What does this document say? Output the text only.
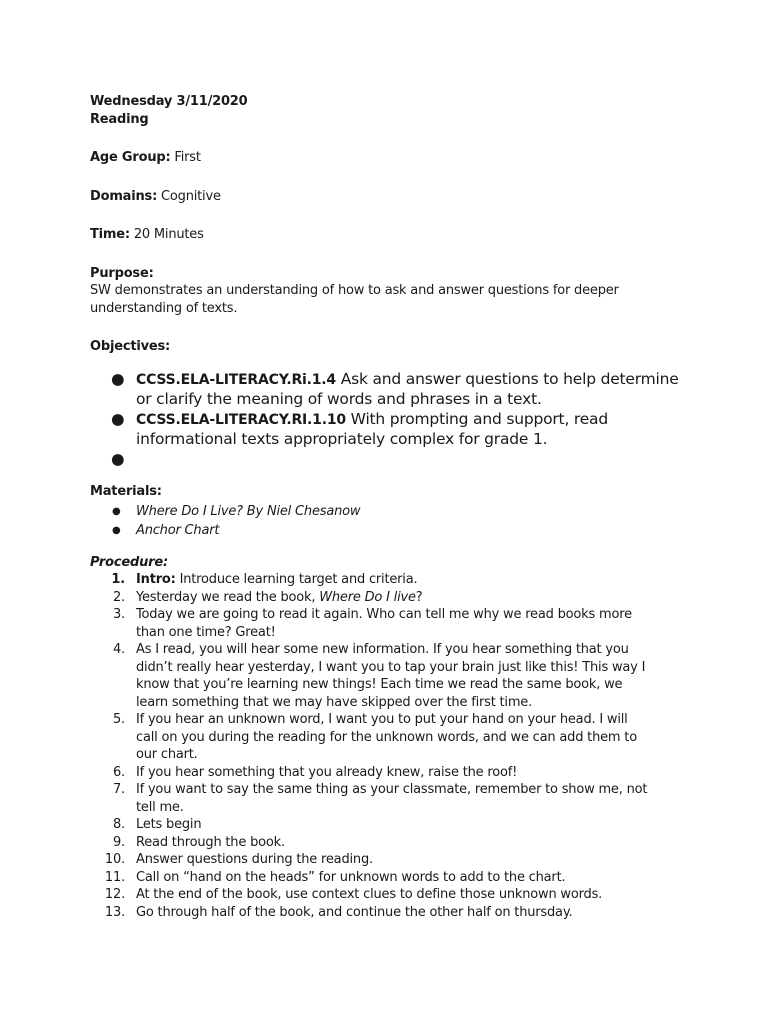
Wednesday 3/11/2020
Reading
Age Group: First
Domains: Cognitive
Time: 20 Minutes
Purpose:
SW demonstrates an understanding of how to ask and answer questions for deeper
understanding of texts.
Objectives:
● CCSS.ELA-LITERACY.Ri.1.4 Ask and answer questions to help determine
or clarify the meaning of words and phrases in a text.
● CCSS.ELA-LITERACY.RI.1.10 With prompting and support, read
informational texts appropriately complex for grade 1.
●

Materials:
● Where Do I Live? By Niel Chesanow
● Anchor Chart
Procedure:
1. Intro: Introduce learning target and criteria.
2. Yesterday we read the book, Where Do I live?
3. Today we are going to read it again. Who can tell me why we read books more
than one time? Great!
4. As I read, you will hear some new information. If you hear something that you
didn’t really hear yesterday, I want you to tap your brain just like this! This way I
know that you’re learning new things! Each time we read the same book, we
learn something that we may have skipped over the first time.
5. If you hear an unknown word, I want you to put your hand on your head. I will
call on you during the reading for the unknown words, and we can add them to
our chart.
6. If you hear something that you already knew, raise the roof!
7. If you want to say the same thing as your classmate, remember to show me, not
tell me.
8. Lets begin
9. Read through the book.
10. Answer questions during the reading.
11. Call on “hand on the heads” for unknown words to add to the chart.
12. At the end of the book, use context clues to define those unknown words.
13. Go through half of the book, and continue the other half on thursday.
